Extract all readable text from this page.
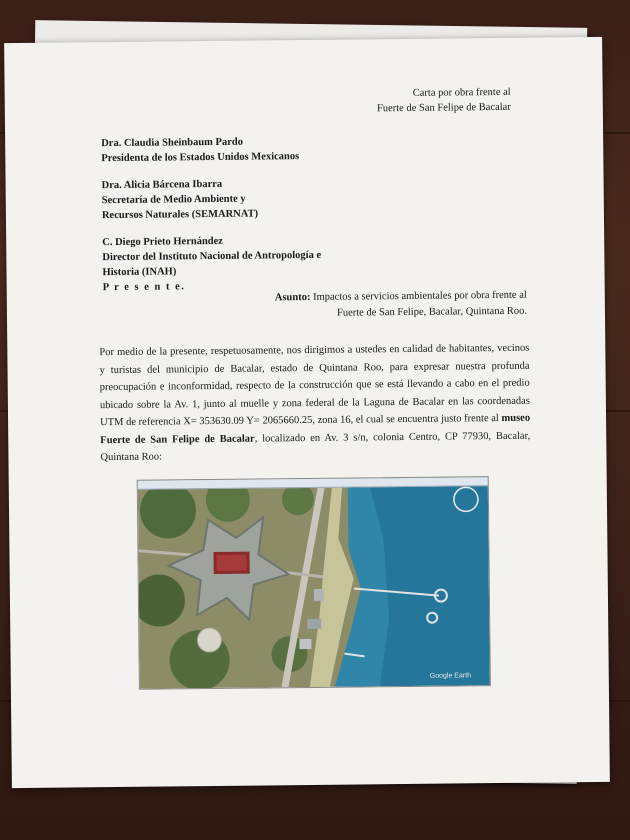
Carta por obra frente al
Fuerte de San Felipe de Bacalar
Dra. Claudia Sheinbaum Pardo
Presidenta de los Estados Unidos Mexicanos
Dra. Alicia Bárcena Ibarra
Secretaría de Medio Ambiente y
Recursos Naturales (SEMARNAT)
C. Diego Prieto Hernández
Director del Instituto Nacional de Antropología e
Historia (INAH)
P r e s e n t e.
Asunto: Impactos a servicios ambientales por obra frente al
Fuerte de San Felipe, Bacalar, Quintana Roo.
Por medio de la presente, respetuosamente, nos dirigimos a ustedes en calidad de habitantes, vecinos y turistas del municipio de Bacalar, estado de Quintana Roo, para expresar nuestra profunda preocupación e inconformidad, respecto de la construcción que se está llevando a cabo en el predio ubicado sobre la Av. 1, junto al muelle y zona federal de la Laguna de Bacalar en las coordenadas UTM de referencia X= 353630.09 Y= 2065660.25, zona 16, el cual se encuentra justo frente al museo Fuerte de San Felipe de Bacalar, localizado en Av. 3 s/n, colonia Centro, CP 77930, Bacalar, Quintana Roo:
Google Earth
